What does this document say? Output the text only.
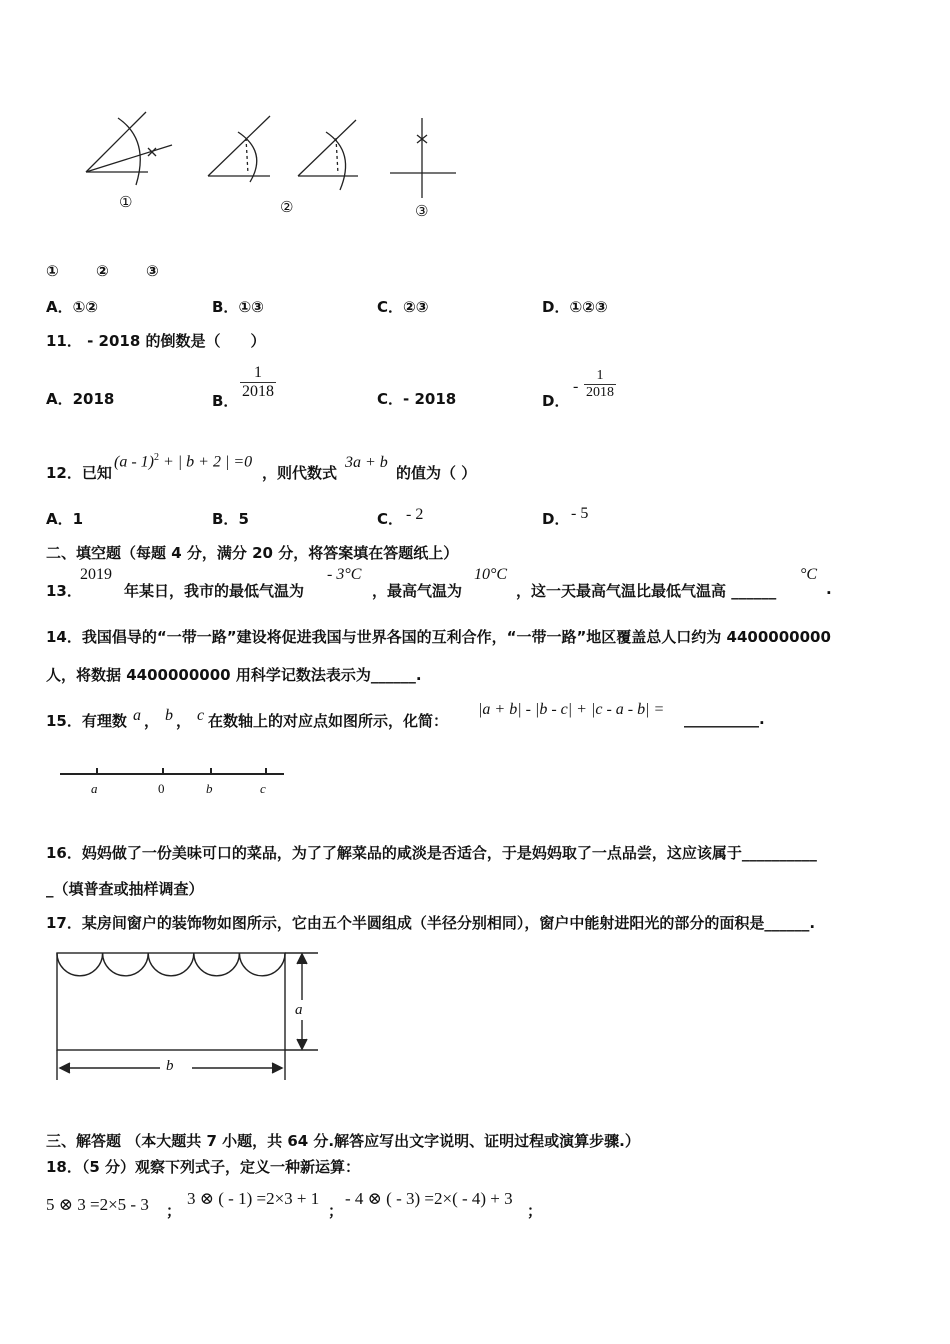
①	②	③
① ② ③
A．①②	B．①③	C．②③	D．①②③
11． - 2018 的倒数是（　　）
A．2018	B． $\frac{1}{2018}$	C．- 2018	D．
- $\frac{1}{2018}$
12．已知
(a - 1)$^2$ + | b + 2 | =0
，则代数式
3a + b
的值为（ ）
A．1	B．5	C． - 2	D． - 5
二、填空题（每题 4 分，满分 20 分，将答案填在答题纸上）
13．
2019
年某日，我市的最低气温为
- 3°C
，最高气温为
10°C
，这一天最高气温比最低气温高 ______
°C
.
14．我国倡导的“一带一路”建设将促进我国与世界各国的互利合作，“一带一路”地区覆盖总人口约为 4400000000
人，将数据 4400000000 用科学记数法表示为______.
15．有理数 a ， b ， c 在数轴上的对应点如图所示，化简：
|a + b| - |b - c| + |c - a - b| =
__________.
a	0	b	c
16．妈妈做了一份美味可口的菜品，为了了解菜品的咸淡是否适合，于是妈妈取了一点品尝，这应该属于__________
_（填普查或抽样调查）
17．某房间窗户的装饰物如图所示，它由五个半圆组成（半径分别相同），窗户中能射进阳光的部分的面积是______.
a
b
三、解答题 （本大题共 7 小题，共 64 分.解答应写出文字说明、证明过程或演算步骤.）
18．（5 分）观察下列式子，定义一种新运算：
5 ⊗ 3 =2×5 - 3 ；
3 ⊗ ( - 1) =2×3 + 1
；
- 4 ⊗ ( - 3) =2×( - 4) + 3
；
